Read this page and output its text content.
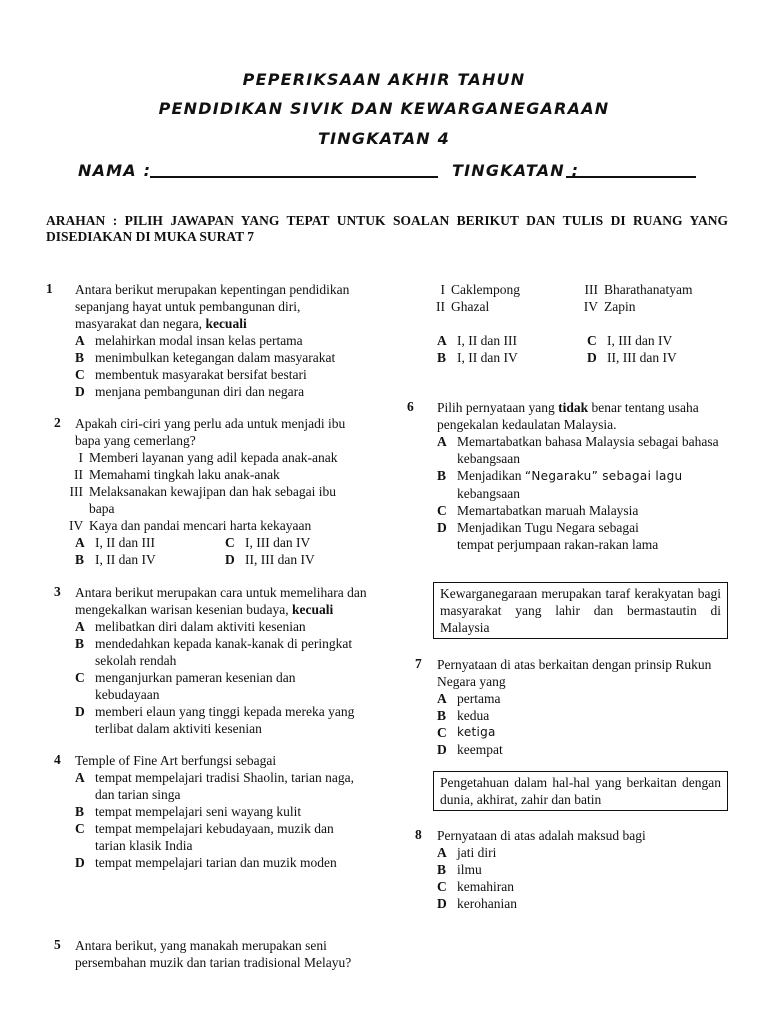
PEPERIKSAAN AKHIR TAHUN
PENDIDIKAN SIVIK DAN KEWARGANEGARAAN
TINGKATAN 4
NAMA :	TINGKATAN :
ARAHAN : PILIH JAWAPAN YANG TEPAT UNTUK SOALAN BERIKUT DAN TULIS DI RUANG YANG DISEDIAKAN DI MUKA SURAT 7
1 Antara berikut merupakan kepentingan pendidikan sepanjang hayat untuk pembangunan diri, masyarakat dan negara, kecuali
A melahirkan modal insan kelas pertama
B menimbulkan ketegangan dalam masyarakat
C membentuk masyarakat bersifat bestari
D menjana pembangunan diri dan negara
2 Apakah ciri-ciri yang perlu ada untuk menjadi ibu bapa yang cemerlang?
I Memberi layanan yang adil kepada anak-anak
II Memahami tingkah laku anak-anak
III Melaksanakan kewajipan dan hak sebagai ibu bapa
IV Kaya dan pandai mencari harta kekayaan
A I, II dan III	C I, III dan IV
B I, II dan IV	D II, III dan IV
3 Antara berikut merupakan cara untuk memelihara dan mengekalkan warisan kesenian budaya, kecuali
A melibatkan diri dalam aktiviti kesenian
B mendedahkan kepada kanak-kanak di peringkat sekolah rendah
C menganjurkan pameran kesenian dan kebudayaan
D memberi elaun yang tinggi kepada mereka yang terlibat dalam aktiviti kesenian
4 Temple of Fine Art berfungsi sebagai
A tempat mempelajari tradisi Shaolin, tarian naga, dan tarian singa
B tempat mempelajari seni wayang kulit
C tempat mempelajari kebudayaan, muzik dan tarian klasik India
D tempat mempelajari tarian dan muzik moden
5 Antara berikut, yang manakah merupakan seni persembahan muzik dan tarian tradisional Melayu?
I Caklempong	III Bharathanatyam
II Ghazal	IV Zapin
A I, II dan III	C I, III dan IV
B I, II dan IV	D II, III dan IV
6 Pilih pernyataan yang tidak benar tentang usaha pengekalan kedaulatan Malaysia.
A Memartabatkan bahasa Malaysia sebagai bahasa kebangsaan
B Menjadikan “Negaraku” sebagai lagu
kebangsaan
C Memartabatkan maruah Malaysia
D Menjadikan Tugu Negara sebagai tempat perjumpaan rakan-rakan lama
Kewarganegaraan merupakan taraf kerakyatan bagi masyarakat yang lahir dan bermastautin di Malaysia
7 Pernyataan di atas berkaitan dengan prinsip Rukun Negara yang
A pertama
B kedua
C ketiga
D keempat
Pengetahuan dalam hal-hal yang berkaitan dengan dunia, akhirat, zahir dan batin
8 Pernyataan di atas adalah maksud bagi
A jati diri
B ilmu
C kemahiran
D kerohanian
